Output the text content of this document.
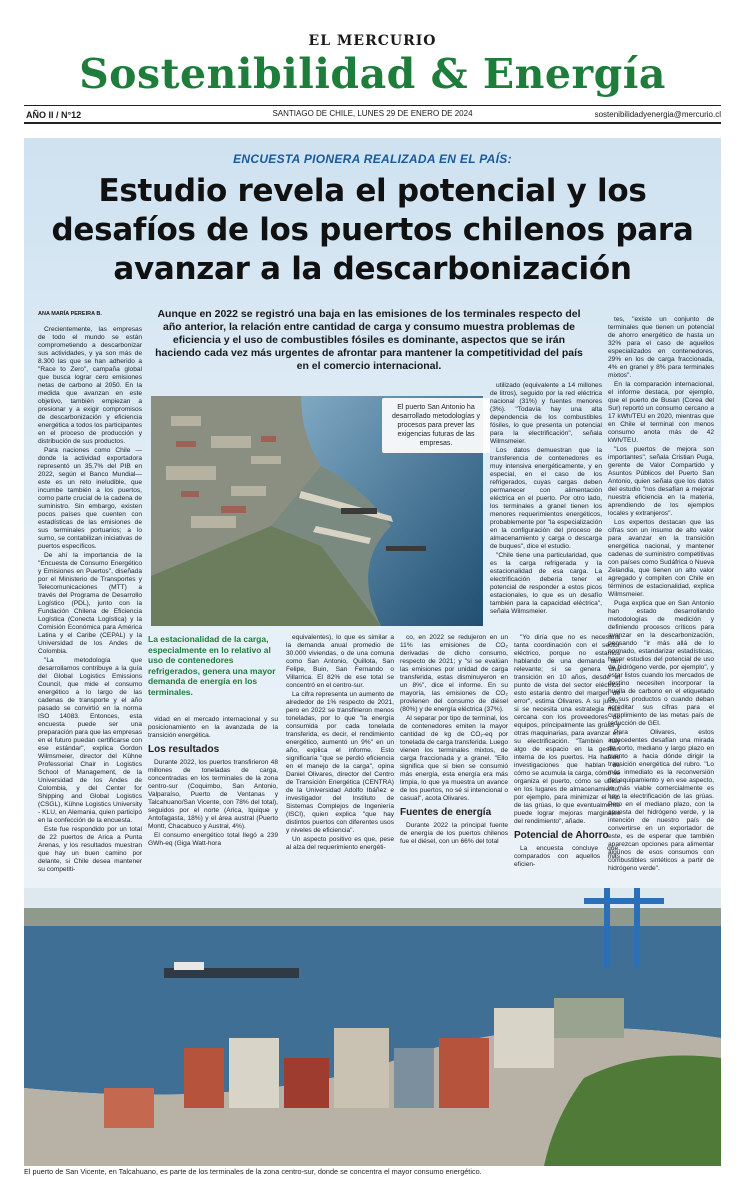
EL MERCURIO
Sostenibilidad & Energía
AÑO II / N°12	SANTIAGO DE CHILE, LUNES 29 DE ENERO DE 2024	sostenibilidadyenergia@mercurio.cl
ENCUESTA PIONERA REALIZADA EN EL PAÍS:
Estudio revela el potencial y los desafíos de los puertos chilenos para avanzar a la descarbonización
ANA MARÍA PEREIRA B.	Aunque en 2022 se registró una baja en las emisiones de los terminales respecto del año anterior, la relación entre cantidad de carga y consumo muestra problemas de eficiencia y el uso de combustibles fósiles es dominante, aspectos que se irán haciendo cada vez más urgentes de afrontar para mantener la competitividad del país en el comercio internacional.

Crecientemente, las empresas de todo el mundo se están comprometiendo a descarbonizar sus actividades, y ya son más de 8.300 las que se han adherido a "Race to Zero", campaña global que busca lograr cero emisiones netas de carbono al 2050. En la medida que avanzan en este objetivo, también empiezan a presionar y a exigir compromisos de descarbonización y eficiencia energética a todos los participantes en el proceso de producción y distribución de sus productos.

Para naciones como Chile —donde la actividad exportadora representó un 35,7% del PIB en 2022, según el Banco Mundial— este es un reto ineludible, que incumbe también a los puertos, como parte crucial de la cadena de suministro. Sin embargo, existen pocos países que cuenten con estadísticas de las emisiones de sus terminales portuarios; a lo sumo, se contabilizan iniciativas de puertos específicos.

De ahí la importancia de la "Encuesta de Consumo Energético y Emisiones en Puertos", diseñada por el Ministerio de Transportes y Telecomunicaciones (MTT) a través del Programa de Desarrollo Logístico (PDL), junto con la Fundación Chilena de Eficiencia Logística (Conecta Logística) y la Comisión Económica para América Latina y el Caribe (CEPAL) y la Universidad de los Andes de Colombia.

"La metodología que desarrollamos contribuye a la guía del Global Logistics Emissions Council, que mide el consumo energético a lo largo de las cadenas de transporte y el año pasado se convirtió en la norma ISO 14083. Entonces, esta encuesta puede ser una preparación para que las empresas en el futuro puedan certificarse con ese estándar", explica Gordon Wilmsmeier, director del Kühne Professorial Chair in Logistics School of Management, de la Universidad de los Andes de Colombia, y del Center for Shipping and Global Logistics (CSGL), Kühne Logistics University - KLU, en Alemania, quien participó en la confección de la encuesta.

Este fue respondido por un total de 22 puertos de Arica a Punta Arenas, y los resultados muestran que hay un buen camino por delante, si Chile desea mantener su competiti-

El puerto San Antonio ha desarrollado metodologías y procesos para prever las exigencias futuras de las empresas.
La estacionalidad de la carga, especialmente en lo relativo al uso de contenedores refrigerados, genera una mayor demanda de energía en los terminales.

vidad en el mercado internacional y su posicionamiento en la avanzada de la transición energética.

Los resultados

Durante 2022, los puertos transfirieron 48 millones de toneladas de carga, concentradas en los terminales de la zona centro-sur (Coquimbo, San Antonio, Valparaíso, Puerto de Ventanas y Talcahuano/San Vicente, con 78% del total), seguidos por el norte (Arica, Iquique y Antofagasta, 18%) y el área austral (Puerto Montt, Chacabuco y Austral, 4%).

El consumo energético total llegó a 239 GWh-eq (Giga Watt-hora

equivalentes), lo que es similar a la demanda anual promedio de 30.000 viviendas, o de una comuna como San Antonio, Quillota, San Felipe, Buin, San Fernando o Villarrica. El 82% de ese total se concentró en el centro-sur.

La cifra representa un aumento de alrededor de 1% respecto de 2021, pero en 2022 se transfirieron menos toneladas, por lo que "la energía consumida por cada tonelada transferida, es decir, el rendimiento energético, aumentó un 9%" en un año, explica el informe. Esto significaría "que se perdió eficiencia en el manejo de la carga", opina Daniel Olivares, director del Centro de Transición Energética (CENTRA) de la Universidad Adolfo Ibáñez e investigador del Instituto de Sistemas Complejos de Ingeniería (ISCI), quien explica "que hay distintos puertos con diferentes usos y niveles de eficiencia".

Un aspecto positivo es que, pese al alza del requerimiento energéti-

utilizado (equivalente a 14 millones de litros), seguido por la red eléctrica nacional (31%) y fuentes menores (3%). "Todavía hay una alta dependencia de los combustibles fósiles, lo que presenta un potencial para la electrificación", señala Wilmsmeier.

Los datos demuestran que la transferencia de contenedores es muy intensiva energéticamente, y en especial, en el caso de los refrigerados, cuyas cargas deben permanecer con alimentación eléctrica en el puerto. Por otro lado, los terminales a granel tienen los menores requerimientos energéticos, probablemente por "la especialización en la configuración del proceso de almacenamiento y carga o descarga de buques", dice el estudio.

"Chile tiene una particularidad, que es la carga refrigerada y la estacionalidad de esa carga. La electrificación debería tener el potencial de responder a estos picos estacionales, lo que es un desafío también para la capacidad eléctrica", señala Wilmsmeier.

co, en 2022 se redujeron en un 11% las emisiones de CO₂ derivadas de dicho consumo, respecto de 2021; y "si se evalúan las emisiones por unidad de carga transferida, estas disminuyeron en un 8%", dice el informe. En su mayoría, las emisiones de CO₂ provienen del consumo de diésel (80%) y de energía eléctrica (37%).

Al separar por tipo de terminal, los de contenedores emiten la mayor cantidad de kg de CO₂-eq por tonelada de carga transferida. Luego vienen los terminales mixtos, de carga fraccionada y a granel. "Ello significa que si bien se consumió más energía, esta energía era más limpia, lo que ya muestra un avance de los puertos, no sé si intencional o casual", acota Olivares.

Fuentes de energía

Durante 2022 la principal fuente de energía de los puertos chilenos fue el diésel, con un 66% del total

"Yo diría que no es necesaria tanta coordinación con el sector eléctrico, porque no estamos hablando de una demanda tan relevante; si se genera una transición en 10 años, desde el punto de vista del sector eléctrico esto estaría dentro del margen de error", estima Olivares. A su juicio, si se necesita una estrategia más cercana con los proveedores de equipos, principalmente las grúas y otras maquinarias, para avanzar en su electrificación. "También hay algo de espacio en la gestión interna de los puertos. Ha habido investigaciones que hablan de cómo se acumula la carga, cómo se organiza el puerto, cómo se ubica en los lugares de almacenamiento, por ejemplo, para minimizar el uso de las grúas, lo que eventualmente puede lograr mejoras marginales del rendimiento", añade.

Potencial de Ahorro

La encuesta concluye que, comparados con aquellos más eficien-

tes, "existe un conjunto de terminales que tienen un potencial de ahorro energético de hasta un 32% para el caso de aquellos especializados en contenedores, 29% en los de carga fraccionada, 4% en granel y 8% para terminales mixtos".

En la comparación internacional, el informe destaca, por ejemplo, que el puerto de Busan (Corea del Sur) reportó un consumo cercano a 17 kWh/TEU en 2020, mientras que en Chile el terminal con menos consumo anota más de 42 kWh/TEU.

"Los puertos de mejora son importantes", señala Cristian Puga, gerente de Valor Compartido y Asuntos Públicos del Puerto San Antonio, quien señala que los datos del estudio "nos desafían a mejorar nuestra eficiencia en la materia, aprendiendo de los ejemplos locales y extranjeros".

Los expertos destacan que las cifras son un insumo de alto valor para avanzar en la transición energética nacional, y mantener cadenas de suministro competitivas con países como Sudáfrica o Nueva Zelandia, que tienen un alto valor agregado y compiten con Chile en términos de estacionalidad, explica Wilmsmeier.

Puga explica que en San Antonio han estado desarrollando metodologías de medición y definiendo procesos críticos para avanzar en la descarbonización, pensando "ir más allá de lo normado, estandarizar estadísticas, hacer estudios del potencial de uso de hidrógeno verde, por ejemplo", y estar listos cuando los mercados de destino necesiten incorporar la huella de carbono en el etiquetado de sus productos o cuando deban acreditar sus cifras para el cumplimiento de las metas país de reducción de GEI.

Para Olivares, estos antecedentes desafían una mirada de corto, mediano y largo plazo en cuanto a hacia dónde dirigir la transición energética del rubro. "Lo más inmediato es la reconversión del equipamiento y en ese aspecto, lo más viable comercialmente es hoy la electrificación de las grúas. Pero en el mediano plazo, con la apuesta del hidrógeno verde, y la intención de nuestro país de convertirse en un exportador de este, es de esperar que también aparezcan opciones para alimentar algunos de esos consumos con combustibles sintéticos a partir de hidrógeno verde".

El puerto de San Vicente, en Talcahuano, es parte de los terminales de la zona centro-sur, donde se concentra el mayor consumo energético.
